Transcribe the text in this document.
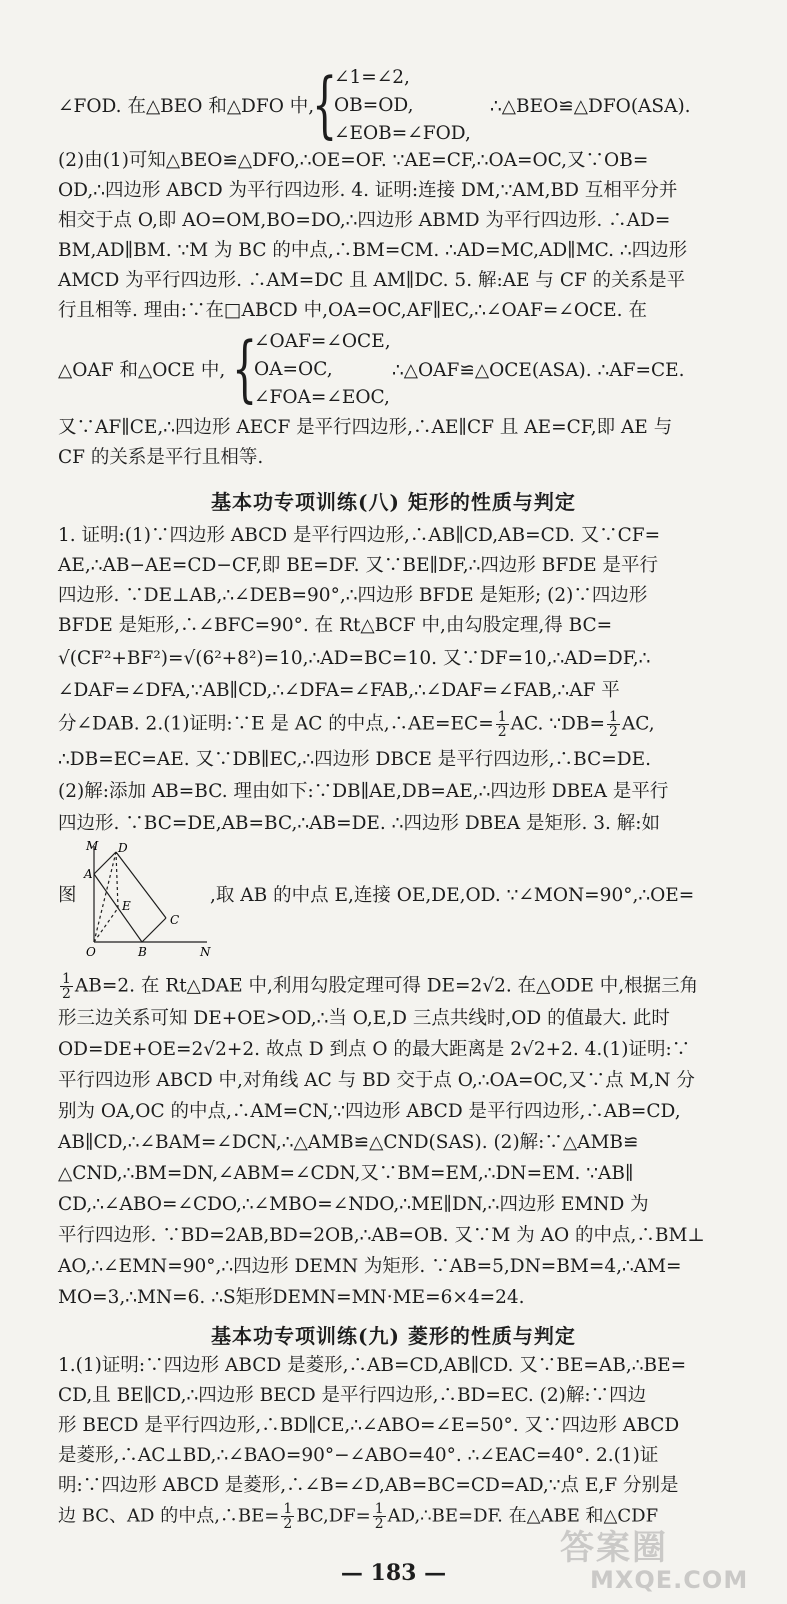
∠FOD. 在△BEO 和△DFO 中,
{
∠1=∠2,
OB=OD,
∠EOB=∠FOD,
∴△BEO≌△DFO(ASA).
(2)由(1)可知△BEO≌△DFO,∴OE=OF. ∵AE=CF,∴OA=OC,又∵OB=
OD,∴四边形 ABCD 为平行四边形. 4. 证明:连接 DM,∵AM,BD 互相平分并
相交于点 O,即 AO=OM,BO=DO,∴四边形 ABMD 为平行四边形. ∴AD=
BM,AD∥BM. ∵M 为 BC 的中点,∴BM=CM. ∴AD=MC,AD∥MC. ∴四边形
AMCD 为平行四边形. ∴AM=DC 且 AM∥DC. 5. 解:AE 与 CF 的关系是平
行且相等. 理由:∵在□ABCD 中,OA=OC,AF∥EC,∴∠OAF=∠OCE. 在
△OAF 和△OCE 中, {
∠OAF=∠OCE,
OA=OC,
∠FOA=∠EOC,
∴△OAF≌△OCE(ASA). ∴AF=CE.
又∵AF∥CE,∴四边形 AECF 是平行四边形,∴AE∥CF 且 AE=CF,即 AE 与
CF 的关系是平行且相等.
基本功专项训练(八) 矩形的性质与判定
1. 证明:(1)∵四边形 ABCD 是平行四边形,∴AB∥CD,AB=CD. 又∵CF=
AE,∴AB−AE=CD−CF,即 BE=DF. 又∵BE∥DF,∴四边形 BFDE 是平行
四边形. ∵DE⊥AB,∴∠DEB=90°,∴四边形 BFDE 是矩形; (2)∵四边形
BFDE 是矩形,∴∠BFC=90°. 在 Rt△BCF 中,由勾股定理,得 BC=
√(CF²+BF²)=√(6²+8²)=10,∴AD=BC=10. 又∵DF=10,∴AD=DF,∴
∠DAF=∠DFA,∵AB∥CD,∴∠DFA=∠FAB,∴∠DAF=∠FAB,∴AF 平
分∠DAB. 2.(1)证明:∵E 是 AC 的中点,∴AE=EC= $\frac{1}{2}$ AC. ∵DB= $\frac{1}{2}$ AC,
∴DB=EC=AE. 又∵DB∥EC,∴四边形 DBCE 是平行四边形,∴BC=DE.
(2)解:添加 AB=BC. 理由如下:∵DB∥AE,DB=AE,∴四边形 DBEA 是平行
四边形. ∵BC=DE,AB=BC,∴AB=DE. ∴四边形 DBEA 是矩形. 3. 解:如
图
M D
A
E
C
O	B	N
,取 AB 的中点 E,连接 OE,DE,OD. ∵∠MON=90°,∴OE=
$\frac{1}{2} AB=2$. 在 Rt△DAE 中,利用勾股定理可得 DE=2√2. 在△ODE 中,根据三角
形三边关系可知 DE+OE>OD,∴当 O,E,D 三点共线时,OD 的值最大. 此时
OD=DE+OE=2√2+2. 故点 D 到点 O 的最大距离是 2√2+2. 4.(1)证明:∵
平行四边形 ABCD 中,对角线 AC 与 BD 交于点 O,∴OA=OC,又∵点 M,N 分
别为 OA,OC 的中点,∴AM=CN,∵四边形 ABCD 是平行四边形,∴AB=CD,
AB∥CD,∴∠BAM=∠DCN,∴△AMB≌△CND(SAS). (2)解:∵△AMB≌
△CND,∴BM=DN,∠ABM=∠CDN,又∵BM=EM,∴DN=EM. ∵AB∥
CD,∴∠ABO=∠CDO,∴∠MBO=∠NDO,∴ME∥DN,∴四边形 EMND 为
平行四边形. ∵BD=2AB,BD=2OB,∴AB=OB. 又∵M 为 AO 的中点,∴BM⊥
AO,∴∠EMN=90°,∴四边形 DEMN 为矩形. ∵AB=5,DN=BM=4,∴AM=
MO=3,∴MN=6. ∴S矩形DEMN=MN·ME=6×4=24.
基本功专项训练(九) 菱形的性质与判定
1.(1)证明:∵四边形 ABCD 是菱形,∴AB=CD,AB∥CD. 又∵BE=AB,∴BE=
CD,且 BE∥CD,∴四边形 BECD 是平行四边形,∴BD=EC. (2)解:∵四边
形 BECD 是平行四边形,∴BD∥CE,∴∠ABO=∠E=50°. 又∵四边形 ABCD
是菱形,∴AC⊥BD,∴∠BAO=90°−∠ABO=40°. ∴∠EAC=40°. 2.(1)证
明:∵四边形 ABCD 是菱形,∴∠B=∠D,AB=BC=CD=AD,∵点 E,F 分别是
边 BC、AD 的中点,∴BE= $\frac{1}{2} BC,DF= \frac{1}{2}$ AD,∴BE=DF. 在△ABE 和△CDF
— 183 —
答案圈
MXQE.COM
